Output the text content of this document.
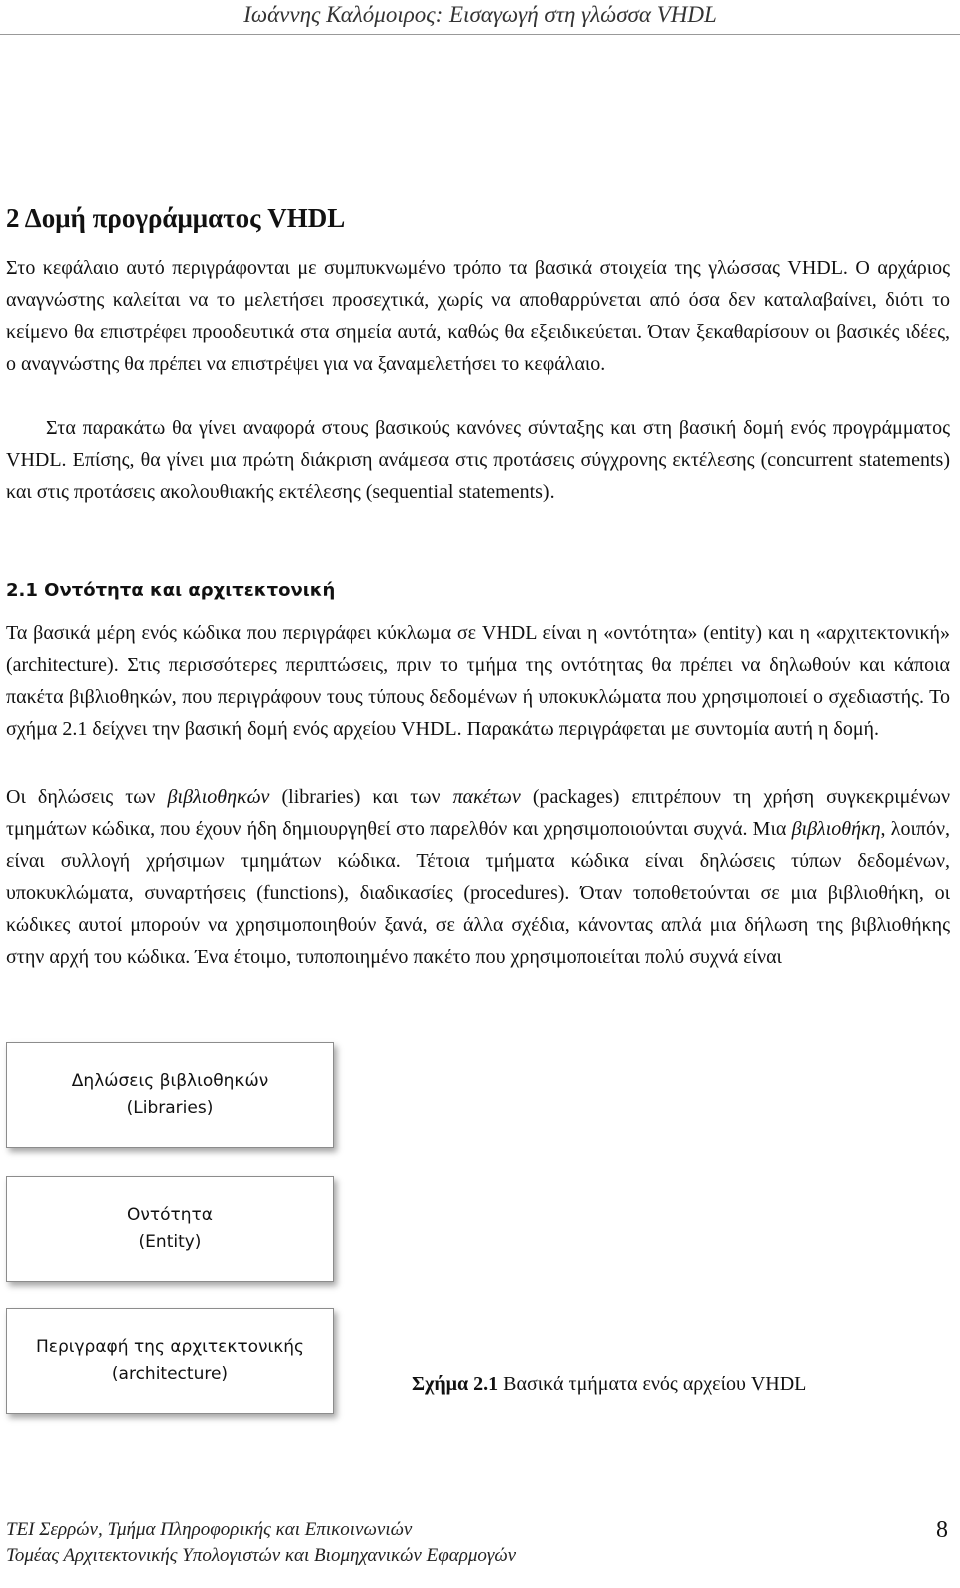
Ιωάννης Καλόμοιρος: Εισαγωγή στη γλώσσα VHDL
2 Δομή προγράμματος VHDL

Στο κεφάλαιο αυτό περιγράφονται με συμπυκνωμένο τρόπο τα βασικά στοιχεία της γλώσσας VHDL. Ο αρχάριος αναγνώστης καλείται να το μελετήσει προσεχτικά, χωρίς να αποθαρρύνεται από όσα δεν καταλαβαίνει, διότι το κείμενο θα επιστρέφει προοδευτικά στα σημεία αυτά, καθώς θα εξειδικεύεται. Όταν ξεκαθαρίσουν οι βασικές ιδέες, ο αναγνώστης θα πρέπει να επιστρέψει για να ξαναμελετήσει το κεφάλαιο.

Στα παρακάτω θα γίνει αναφορά στους βασικούς κανόνες σύνταξης και στη βασική δομή ενός προγράμματος VHDL. Επίσης, θα γίνει μια πρώτη διάκριση ανάμεσα στις προτάσεις σύγχρονης εκτέλεσης (concurrent statements) και στις προτάσεις ακολουθιακής εκτέλεσης (sequential statements).

2.1 Οντότητα και αρχιτεκτονική

Τα βασικά μέρη ενός κώδικα που περιγράφει κύκλωμα σε VHDL είναι η «οντότητα» (entity) και η «αρχιτεκτονική» (architecture). Στις περισσότερες περιπτώσεις, πριν το τμήμα της οντότητας θα πρέπει να δηλωθούν και κάποια πακέτα βιβλιοθηκών, που περιγράφουν τους τύπους δεδομένων ή υποκυκλώματα που χρησιμοποιεί ο σχεδιαστής. Το σχήμα 2.1 δείχνει την βασική δομή ενός αρχείου VHDL. Παρακάτω περιγράφεται με συντομία αυτή η δομή.

Οι δηλώσεις των βιβλιοθηκών (libraries) και των πακέτων (packages) επιτρέπουν τη χρήση συγκεκριμένων τμημάτων κώδικα, που έχουν ήδη δημιουργηθεί στο παρελθόν και χρησιμοποιούνται συχνά. Μια βιβλιοθήκη, λοιπόν, είναι συλλογή χρήσιμων τμημάτων κώδικα. Τέτοια τμήματα κώδικα είναι δηλώσεις τύπων δεδομένων, υποκυκλώματα, συναρτήσεις (functions), διαδικασίες (procedures). Όταν τοποθετούνται σε μια βιβλιοθήκη, οι κώδικες αυτοί μπορούν να χρησιμοποιηθούν ξανά, σε άλλα σχέδια, κάνοντας απλά μια δήλωση της βιβλιοθήκης στην αρχή του κώδικα. Ένα έτοιμο, τυποποιημένο πακέτο που χρησιμοποιείται πολύ συχνά είναι

Δηλώσεις βιβλιοθηκών
(Libraries)
Οντότητα
(Entity)
Περιγραφή της αρχιτεκτονικής
(architecture)	Σχήμα 2.1 Βασικά τμήματα ενός αρχείου VHDL
ΤΕΙ Σερρών, Τμήμα Πληροφορικής και Επικοινωνιών
Τομέας Αρχιτεκτονικής Υπολογιστών και Βιομηχανικών Εφαρμογών
8
